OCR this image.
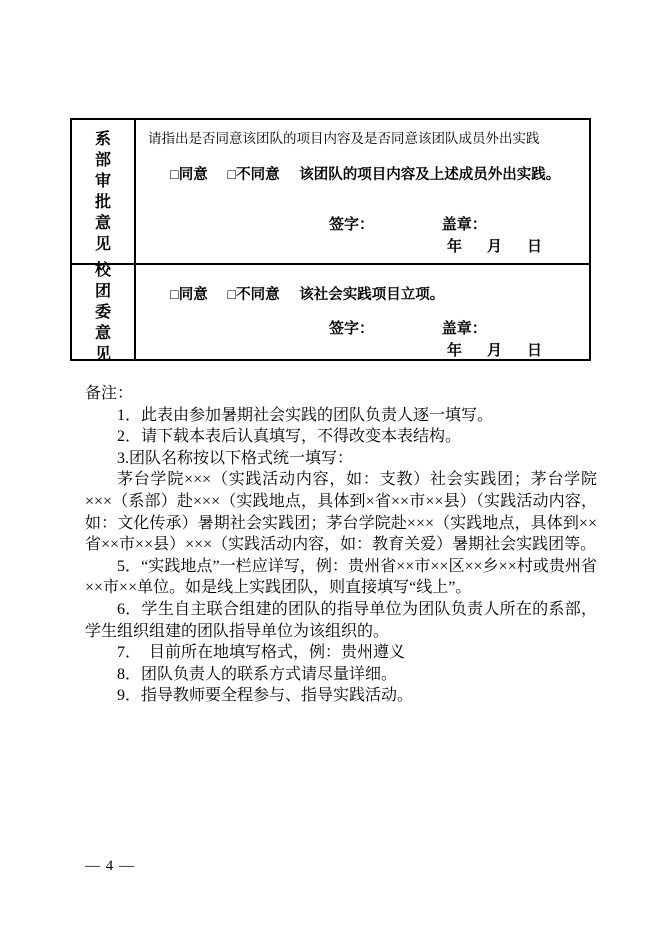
系部审批意见
请指出是否同意该团队的项目内容及是否同意该团队成员外出实践
□同意 □不同意 该团队的项目内容及上述成员外出实践。
签字：	盖章：
年　月　日
校团委意见
□同意 □不同意 该社会实践项目立项。
签字：	盖章：
年　月　日

备注：

1．此表由参加暑期社会实践的团队负责人逐一填写。

2．请下载本表后认真填写，不得改变本表结构。

3.团队名称按以下格式统一填写：

茅台学院×××（实践活动内容，如：支教）社会实践团；茅台学院×××（系部）赴×××（实践地点，具体到×省××市××县）（实践活动内容，如：文化传承）暑期社会实践团；茅台学院赴×××（实践地点，具体到××省××市××县）×××（实践活动内容，如：教育关爱）暑期社会实践团等。

5．“实践地点”一栏应详写，例：贵州省××市××区××乡××村或贵州省××市××单位。如是线上实践团队，则直接填写“线上”。

6．学生自主联合组建的团队的指导单位为团队负责人所在的系部，学生组织组建的团队指导单位为该组织的。

7．　目前所在地填写格式，例：贵州遵义

8．团队负责人的联系方式请尽量详细。

9．指导教师要全程参与、指导实践活动。

— 4 —
